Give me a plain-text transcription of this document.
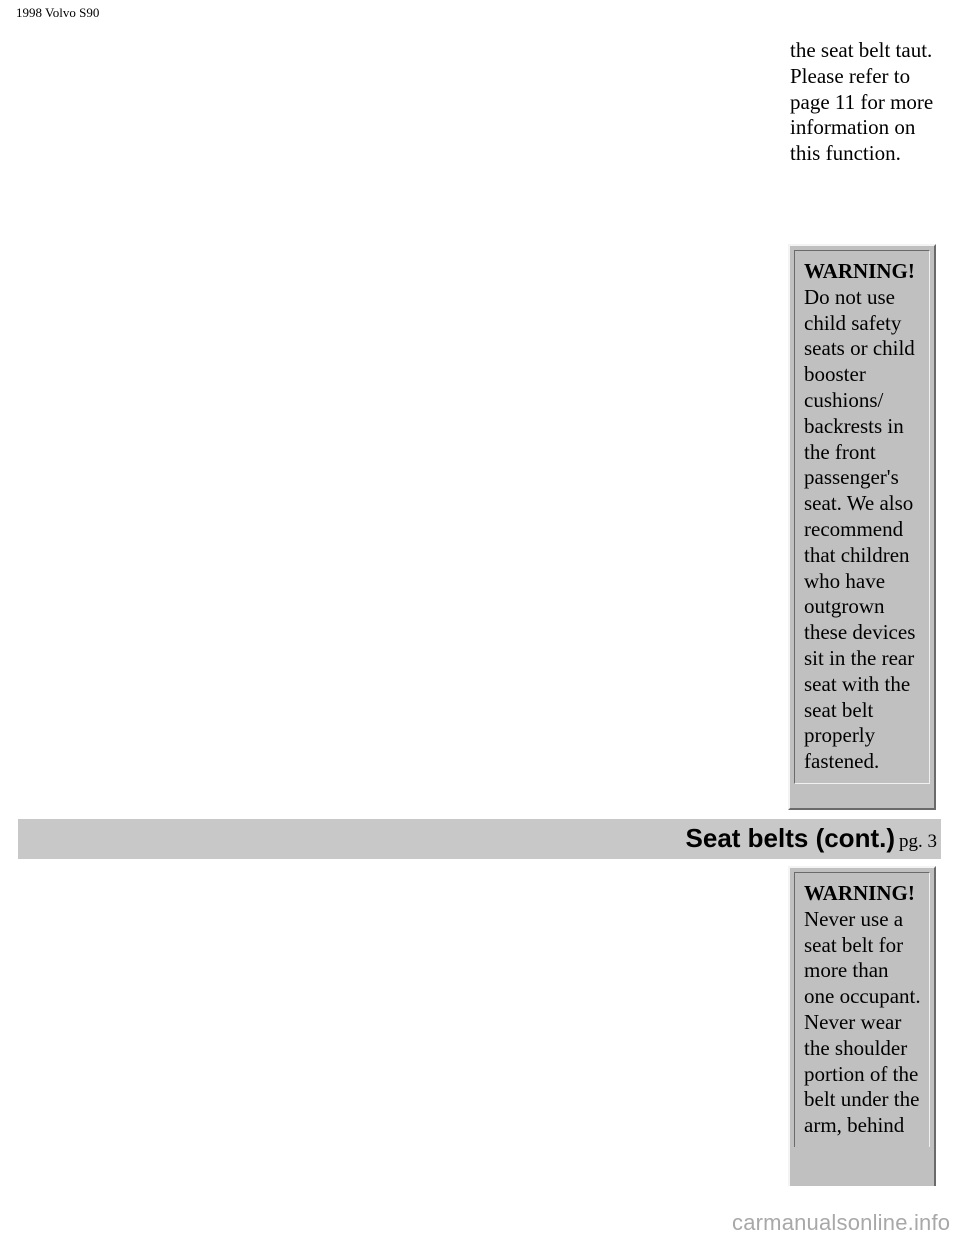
1998 Volvo S90
the seat belt taut. Please refer to page 11 for more information on this function.
WARNING!
Do not use child safety seats or child booster cushions/ backrests in the front passenger's seat. We also recommend that children who have outgrown these devices sit in the rear seat with the seat belt properly fastened.
Seat belts (cont.) pg. 3
WARNING!
Never use a seat belt for more than one occupant. Never wear the shoulder portion of the belt under the arm, behind
carmanualsonline.info
